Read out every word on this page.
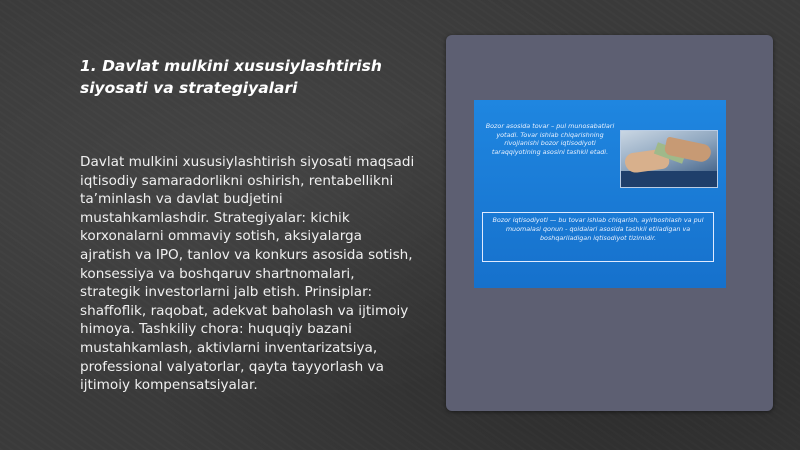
1. Davlat mulkini xususiylashtirish siyosati va strategiyalari

Davlat mulkini xususiylashtirish siyosati maqsadi iqtisodiy samaradorlikni oshirish, rentabellikni ta’minlash va davlat budjetini mustahkamlashdir. Strategiyalar: kichik korxonalarni ommaviy sotish, aksiyalarga ajratish va IPO, tanlov va konkurs asosida sotish, konsessiya va boshqaruv shartnomalari, strategik investorlarni jalb etish. Prinsiplar: shaffoflik, raqobat, adekvat baholash va ijtimoiy himoya. Tashkiliy chora: huquqiy bazani mustahkamlash, aktivlarni inventarizatsiya, professional valyatorlar, qayta tayyorlash va ijtimoiy kompensatsiyalar.

Bozor asosida tovar – pul munosabatlari yotadi. Tovar ishlab chiqarishning rivojlanishi bozor iqtisodiyoti taraqqiyotining asosini tashkil etadi.

Bozor iqtisodiyoti — bu tovar ishlab chiqarish, ayirboshlash va pul muomalasi qonun - qoidalari asosida tashkil etiladigan va boshqariladigan iqtisodiyot tizimidir.
